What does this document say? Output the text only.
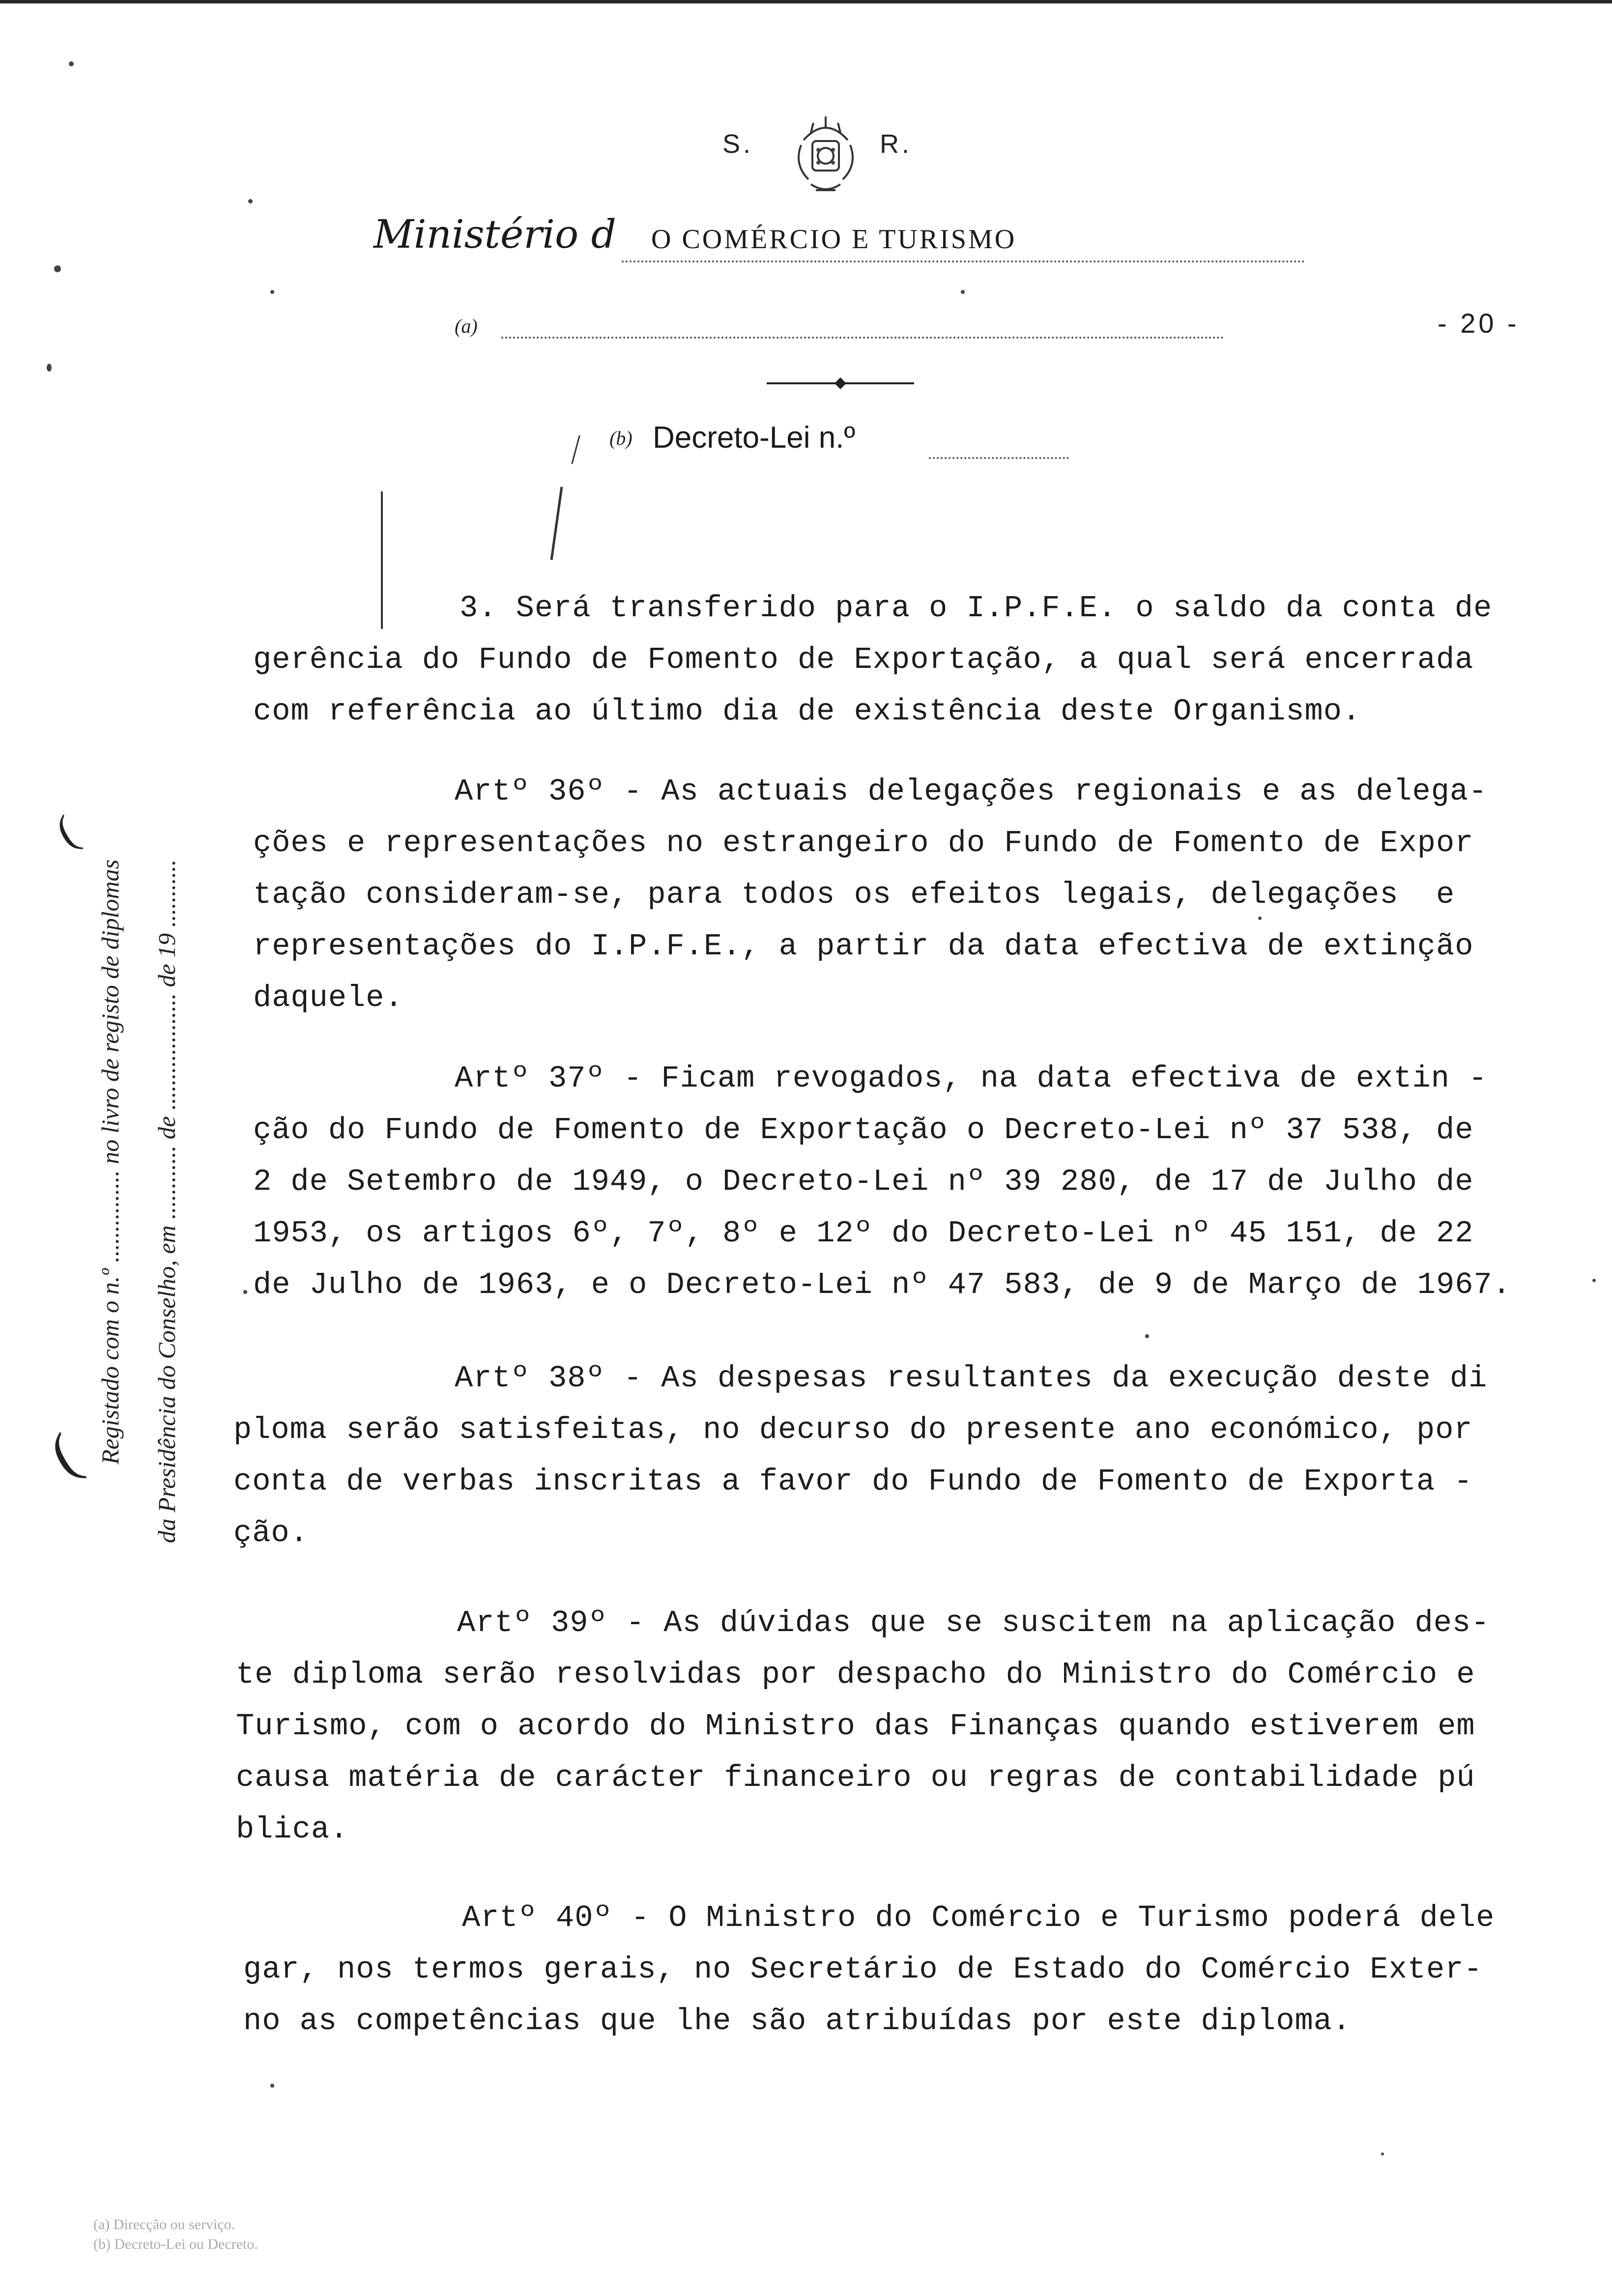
S.	R.
Ministério d O COMÉRCIO E TURISMO
(a)	- 20 -
(b) Decreto-Lei n.º
Registado com o n.º ............... no livro de registo de diplomas da Presidência do Conselho, em ............ de ................... de 19 ...........
(
(
3. Será transferido para o I.P.F.E. o saldo da conta de
gerência do Fundo de Fomento de Exportação, a qual será encerrada
com referência ao último dia de existência deste Organismo.
Artº 36º - As actuais delegações regionais e as delega-
ções e representações no estrangeiro do Fundo de Fomento de Expor
tação consideram-se, para todos os efeitos legais, delegações  e
representações do I.P.F.E., a partir da data efectiva de extinção
daquele.
Artº 37º - Ficam revogados, na data efectiva de extin -
ção do Fundo de Fomento de Exportação o Decreto-Lei nº 37 538, de
2 de Setembro de 1949, o Decreto-Lei nº 39 280, de 17 de Julho de
1953, os artigos 6º, 7º, 8º e 12º do Decreto-Lei nº 45 151, de 22
de Julho de 1963, e o Decreto-Lei nº 47 583, de 9 de Março de 1967.
Artº 38º - As despesas resultantes da execução deste di
ploma serão satisfeitas, no decurso do presente ano económico, por
conta de verbas inscritas a favor do Fundo de Fomento de Exporta -
ção.
Artº 39º - As dúvidas que se suscitem na aplicação des-
te diploma serão resolvidas por despacho do Ministro do Comércio e
Turismo, com o acordo do Ministro das Finanças quando estiverem em
causa matéria de carácter financeiro ou regras de contabilidade pú
blica.
Artº 40º - O Ministro do Comércio e Turismo poderá dele
gar, nos termos gerais, no Secretário de Estado do Comércio Exter-
no as competências que lhe são atribuídas por este diploma.
(a) Direcção ou serviço.
(b) Decreto-Lei ou Decreto.
